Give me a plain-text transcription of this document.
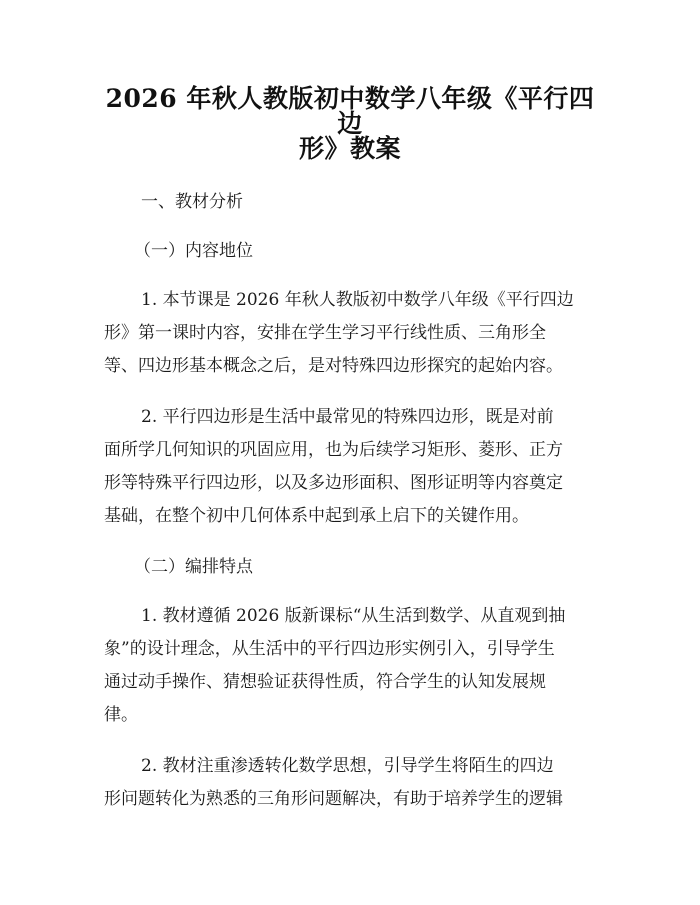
2026 年秋人教版初中数学八年级《平行四边
形》教案

一、教材分析

（一）内容地位

1. 本节课是 2026 年秋人教版初中数学八年级《平行四边

形》第一课时内容，安排在学生学习平行线性质、三角形全

等、四边形基本概念之后，是对特殊四边形探究的起始内容。

2. 平行四边形是生活中最常见的特殊四边形，既是对前

面所学几何知识的巩固应用，也为后续学习矩形、菱形、正方

形等特殊平行四边形，以及多边形面积、图形证明等内容奠定

基础，在整个初中几何体系中起到承上启下的关键作用。

（二）编排特点

1. 教材遵循 2026 版新课标“从生活到数学、从直观到抽

象”的设计理念，从生活中的平行四边形实例引入，引导学生

通过动手操作、猜想验证获得性质，符合学生的认知发展规

律。

2. 教材注重渗透转化数学思想，引导学生将陌生的四边

形问题转化为熟悉的三角形问题解决，有助于培养学生的逻辑
